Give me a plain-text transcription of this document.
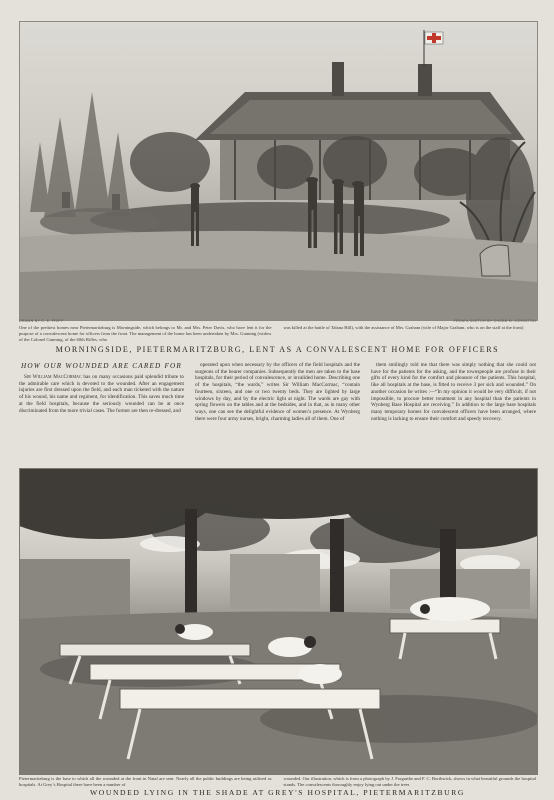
DRAWN BY C. E. FRIPP	FROM A SKETCH BY CHUBB M. JOHNSTON
One of the prettiest homes near Pietermaritzburg is Morningside, which belongs to Mr. and Mrs. Peter Davis, who have lent it for the purpose of a convalescent home for officers from the front. The management of the home has been undertaken by Mrs. Gunning (widow of the Colonel Gunning, of the 60th Rifles, who
was killed at the battle of Talana Hill), with the assistance of Mrs. Graham (wife of Major Graham, who is on the staff at the front)
MORNINGSIDE, PIETERMARITZBURG, LENT AS A CONVALESCENT HOME FOR OFFICERS
HOW OUR WOUNDED ARE CARED FOR

Sir William MacCormac has on many occasions paid splendid tribute to the admirable care which is devoted to the wounded. After an engagement injuries are first dressed upon the field, and each man ticketed with the nature of his wound, his name and regiment, for identification. This saves much time at the field hospitals, because the seriously wounded can be at once discriminated from the more trivial cases. The former are then re-dressed, and

operated upon when necessary by the officers of the field hospitals and the surgeons of the bearer companies. Subsequently the men are taken to the base hospitals, for their period of convalescence, or invalided home. Describing one of the hospitals, “the wards,” writes Sir William MacCormac, “contain fourteen, sixteen, and one or two twenty beds. They are lighted by large windows by day, and by the electric light at night. The wards are gay with spring flowers on the tables and at the bedsides, and in that, as in many other ways, one can see the delightful evidence of women’s presence. At Wynberg there were four army nurses, bright, charming ladies all of them. One of

them smilingly told me that there was simply nothing that she could not have for the patients for the asking, and the townspeople are profuse in their gifts of every kind for the comfort and pleasure of the patients. This hospital, like all hospitals at the base, is fitted to receive 3 per sick and wounded.” On another occasion he writes :—“In my opinion it would be very difficult, if not impossible, to procure better treatment in any hospital than the patients in Wynberg Base Hospital are receiving.” In addition to the large base hospitals many temporary homes for convalescent officers have been arranged, where nothing is lacking to ensure their comfort and speedy recovery.

Pietermaritzburg is the base to which all the wounded at the front in Natal are sent. Nearly all the public buildings are being utilised as hospitals. At Grey’s Hospital there have been a number of
wounded. Our illustration, which is from a photograph by J. Forgarthe and F. C. Borthwick, shows in what beautiful grounds the hospital stands. The convalescents thoroughly enjoy lying out under the trees
WOUNDED LYING IN THE SHADE AT GREY'S HOSPITAL, PIETERMARITZBURG
